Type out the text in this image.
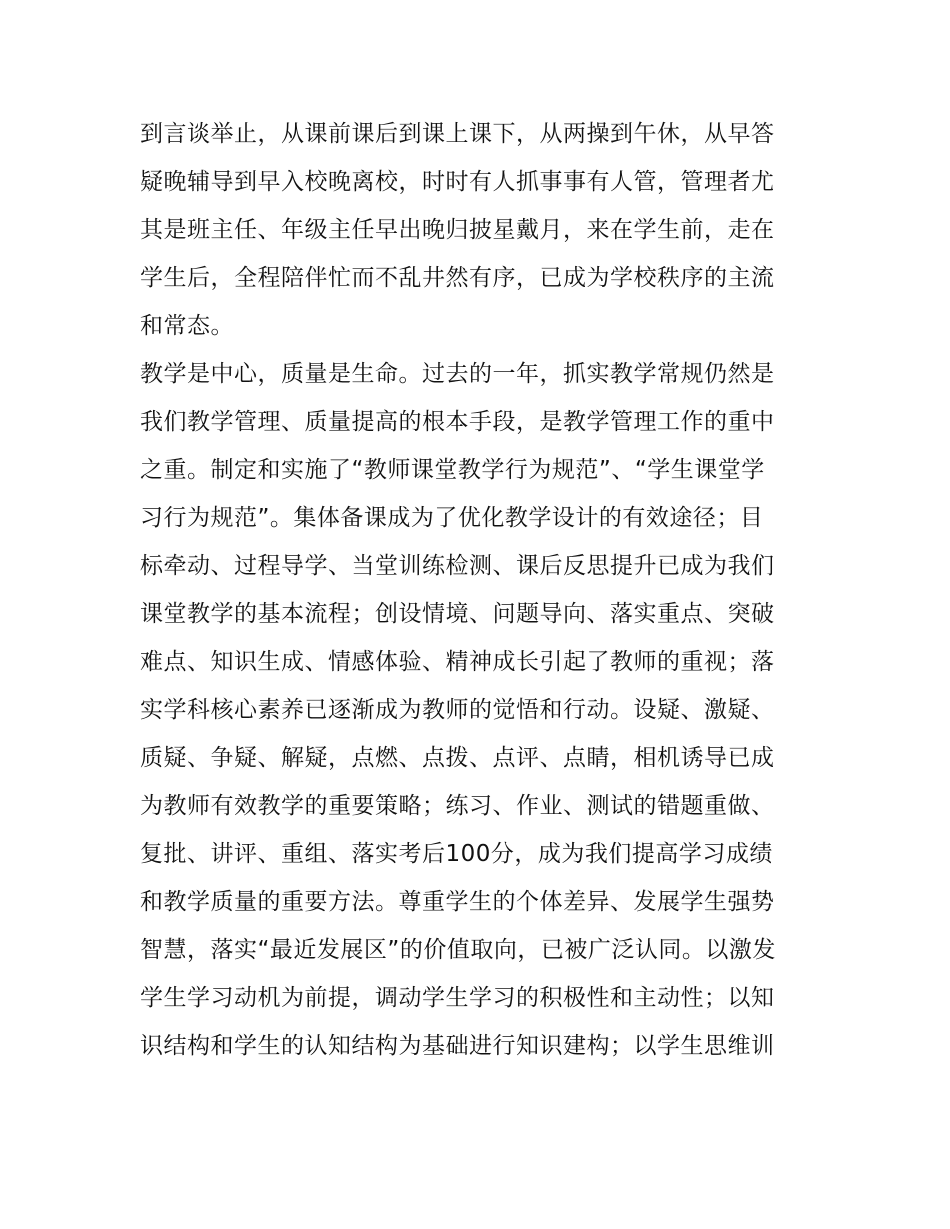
到言谈举止，从课前课后到课上课下，从两操到午休，从早答
疑晚辅导到早入校晚离校，时时有人抓事事有人管，管理者尤
其是班主任、年级主任早出晚归披星戴月，来在学生前，走在
学生后，全程陪伴忙而不乱井然有序，已成为学校秩序的主流
和常态。
教学是中心，质量是生命。过去的一年，抓实教学常规仍然是
我们教学管理、质量提高的根本手段，是教学管理工作的重中
之重。制定和实施了“教师课堂教学行为规范”、“学生课堂学
习行为规范”。集体备课成为了优化教学设计的有效途径；目
标牵动、过程导学、当堂训练检测、课后反思提升已成为我们
课堂教学的基本流程；创设情境、问题导向、落实重点、突破
难点、知识生成、情感体验、精神成长引起了教师的重视；落
实学科核心素养已逐渐成为教师的觉悟和行动。设疑、激疑、
质疑、争疑、解疑，点燃、点拨、点评、点睛，相机诱导已成
为教师有效教学的重要策略；练习、作业、测试的错题重做、
复批、讲评、重组、落实考后100分，成为我们提高学习成绩
和教学质量的重要方法。尊重学生的个体差异、发展学生强势
智慧，落实“最近发展区”的价值取向，已被广泛认同。以激发
学生学习动机为前提，调动学生学习的积极性和主动性；以知
识结构和学生的认知结构为基础进行知识建构；以学生思维训
